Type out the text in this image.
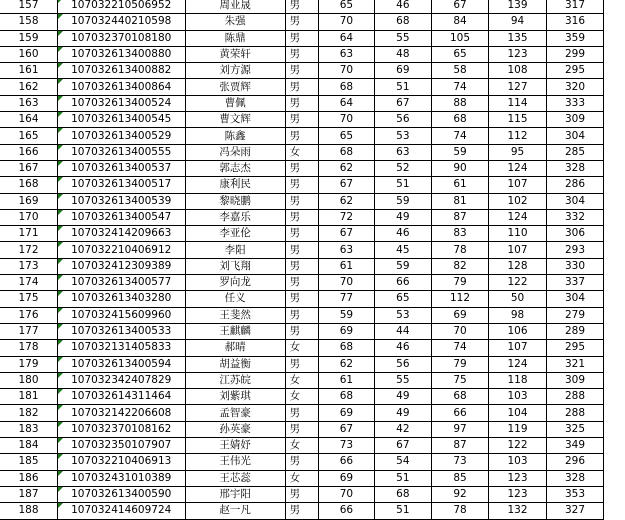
157	107032210506952	周业晟	男	65	46	67	139	317	
158	107032440210598	朱强	男	70	68	84	94	316	
159	107032370108180	陈鼎	男	64	55	105	135	359	
160	107032613400880	黄荣轩	男	63	48	65	123	299	
161	107032613400882	刘方源	男	70	69	58	108	295	
162	107032613400864	张贾辉	男	68	51	74	127	320	
163	107032613400524	曹佩	男	64	67	88	114	333	
164	107032613400545	曹文辉	男	70	56	68	115	309	
165	107032613400529	陈鑫	男	65	53	74	112	304	
166	107032613400555	冯朵雨	女	68	63	59	95	285	
167	107032613400537	郭志杰	男	62	52	90	124	328	
168	107032613400517	康利民	男	67	51	61	107	286	
169	107032613400539	黎晓鹏	男	62	59	81	102	304	
170	107032613400547	李嘉乐	男	72	49	87	124	332	
171	107032414209663	李亚伦	男	67	46	83	110	306	
172	107032210406912	李阳	男	63	45	78	107	293	
173	107032412309389	刘飞翔	男	61	59	82	128	330	
174	107032613400577	罗向龙	男	70	66	79	122	337	
175	107032613403280	任义	男	77	65	112	50	304	
176	107032415609960	王斐然	男	59	53	69	98	279	
177	107032613400533	王麒麟	男	69	44	70	106	289	
178	107032131405833	郝晴	女	68	46	74	107	295	
179	107032613400594	胡益衡	男	62	56	79	124	321	
180	107032342407829	江苏皖	女	61	55	75	118	309	
181	107032614311464	刘紫琪	女	68	49	68	103	288	
182	107032142206608	孟智豪	男	69	49	66	104	288	
183	107032370108162	孙英豪	男	67	42	97	119	325	
184	107032350107907	王婧妤	女	73	67	87	122	349	
185	107032210406913	王伟光	男	66	54	73	103	296	
186	107032431010389	王芯蕊	女	69	51	85	123	328	
187	107032613400590	邢宇阳	男	70	68	92	123	353	
188	107032414609724	赵一凡	男	66	51	78	132	327	
